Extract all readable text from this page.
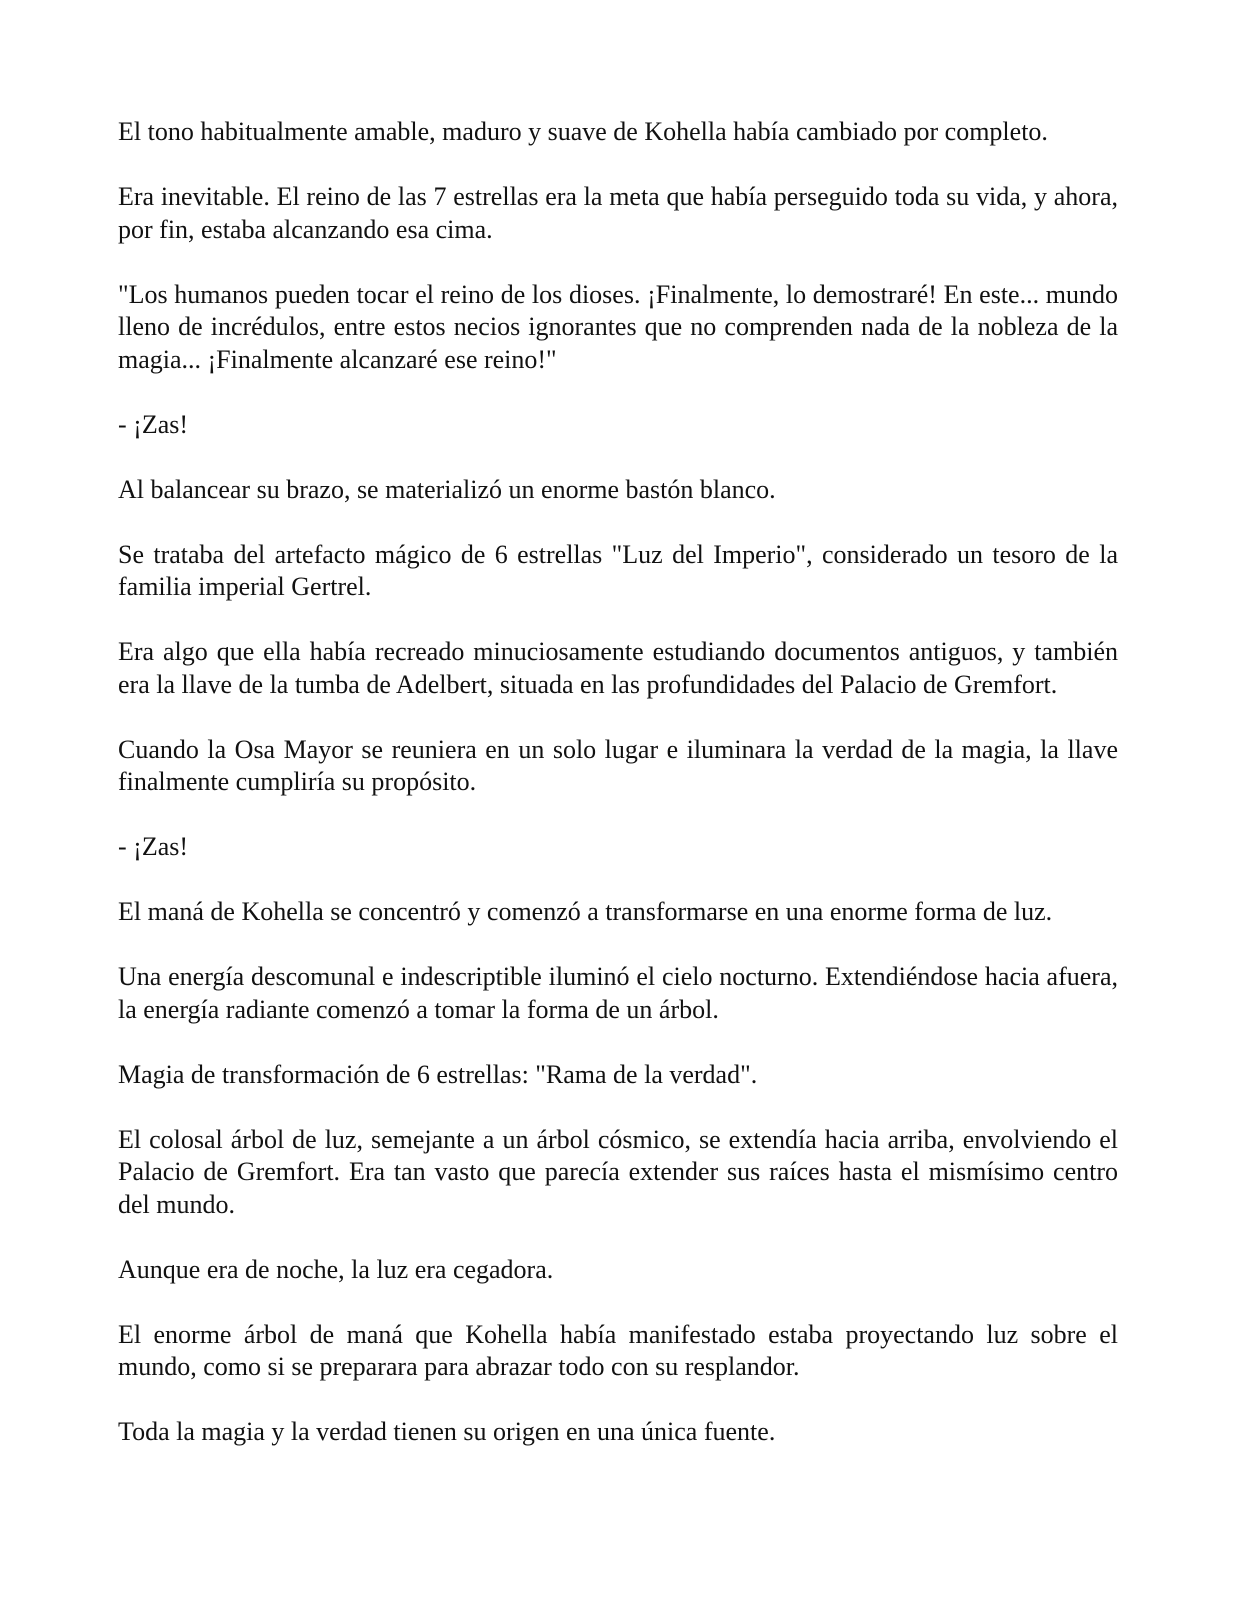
El tono habitualmente amable, maduro y suave de Kohella había cambiado por completo.

Era inevitable. El reino de las 7 estrellas era la meta que había perseguido toda su vida, y ahora, por fin, estaba alcanzando esa cima.

"Los humanos pueden tocar el reino de los dioses. ¡Finalmente, lo demostraré! En este... mundo lleno de incrédulos, entre estos necios ignorantes que no comprenden nada de la nobleza de la magia... ¡Finalmente alcanzaré ese reino!"

- ¡Zas!

Al balancear su brazo, se materializó un enorme bastón blanco.

Se trataba del artefacto mágico de 6 estrellas "Luz del Imperio", considerado un tesoro de la familia imperial Gertrel.

Era algo que ella había recreado minuciosamente estudiando documentos antiguos, y también era la llave de la tumba de Adelbert, situada en las profundidades del Palacio de Gremfort.

Cuando la Osa Mayor se reuniera en un solo lugar e iluminara la verdad de la magia, la llave finalmente cumpliría su propósito.

- ¡Zas!

El maná de Kohella se concentró y comenzó a transformarse en una enorme forma de luz.

Una energía descomunal e indescriptible iluminó el cielo nocturno. Extendiéndose hacia afuera, la energía radiante comenzó a tomar la forma de un árbol.

Magia de transformación de 6 estrellas: "Rama de la verdad".

El colosal árbol de luz, semejante a un árbol cósmico, se extendía hacia arriba, envolviendo el Palacio de Gremfort. Era tan vasto que parecía extender sus raíces hasta el mismísimo centro del mundo.

Aunque era de noche, la luz era cegadora.

El enorme árbol de maná que Kohella había manifestado estaba proyectando luz sobre el mundo, como si se preparara para abrazar todo con su resplandor.

Toda la magia y la verdad tienen su origen en una única fuente.
